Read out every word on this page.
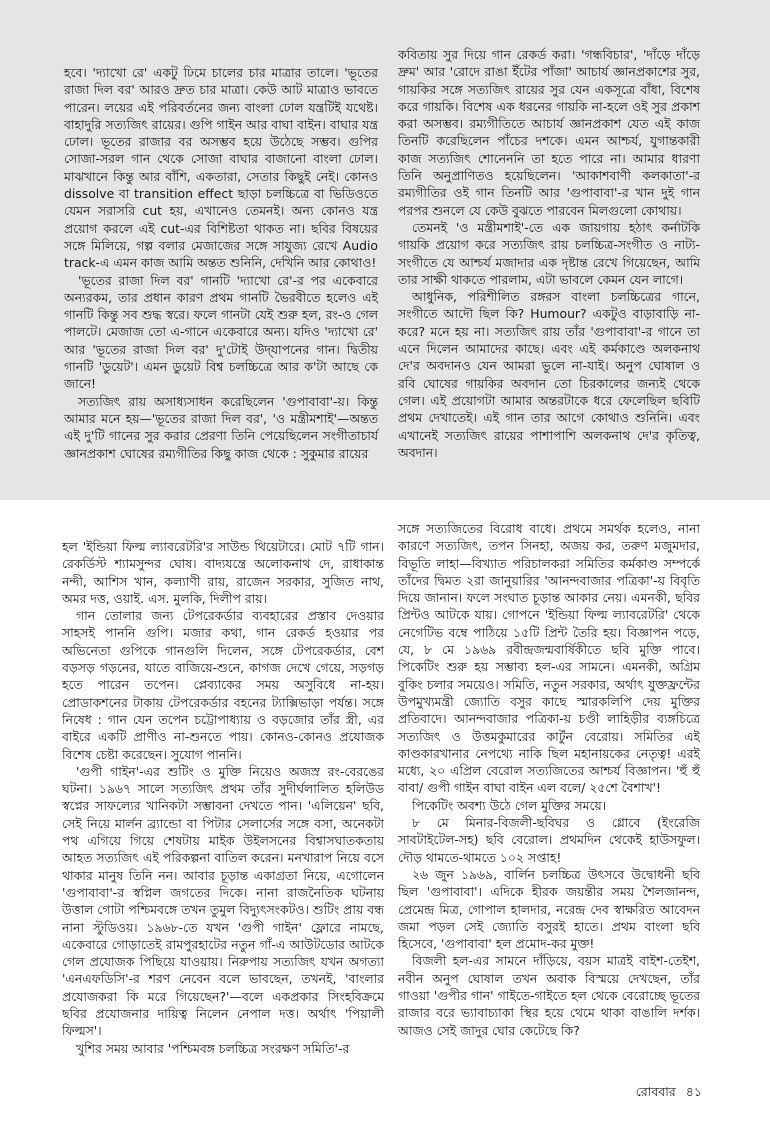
হবে। 'দ্যাখো রে' একটু ঢিমে চালের চার মাত্রার তালে। 'ভূতের রাজা দিল বর' আরও দ্রুত চার মাত্রা। কেউ আট মাত্রাও ভাবতে পারেন। লয়ের এই পরিবর্তনের জন্য বাংলা ঢোল যন্ত্রটিই যথেষ্ট। বাহাদুরি সত্যজিৎ রায়ের। গুপি গাইন আর বাঘা বাইন। বাঘার যন্ত্র ঢোল। ভূতের রাজার বর অসম্ভব হয়ে উঠেছে সম্ভব। গুপির সোজা-সরল গান থেকে সোজা বাঘার বাজানো বাংলা ঢোল। মাঝখানে কিন্তু আর বাঁশি, একতারা, সেতার কিছুই নেই। কোনও dissolve বা transition effect ছাড়া চলচ্চিত্রে বা ভিডিওতে যেমন সরাসরি cut হয়, এখানেও তেমনই। অন্য কোনও যন্ত্র প্রয়োগ করলে এই cut-এর বিশিষ্টতা থাকত না। ছবির বিষয়ের সঙ্গে মিলিয়ে, গল্প বলার মেজাজের সঙ্গে সাযুজ্য রেখে Audio track-এ এমন কাজ আমি অন্তত শুনিনি, দেখিনি আর কোথাও!

'ভূতের রাজা দিল বর' গানটি 'দ্যাখো রে'-র পর একেবারে অন্যরকম, তার প্রধান কারণ প্রথম গানটি ভৈরবীতে হলেও এই গানটি কিন্তু সব শুদ্ধ স্বরে। ফলে গানটা যেই শুরু হল, রং-ও গেল পালটে। মেজাজ তো এ-গানে একেবারে অন্য। যদিও 'দ্যাখো রে' আর 'ভূতের রাজা দিল বর' দু'টোই উদ্‌যাপনের গান। দ্বিতীয় গানটি 'ডুয়েট'। এমন ডুয়েট বিশ্ব চলচ্চিত্রে আর ক'টা আছে কে জানে!

সত্যজিৎ রায় অসাধ্যসাধন করেছিলেন 'গুপাবাবা'-য়। কিন্তু আমার মনে হয়—'ভূতের রাজা দিল বর', 'ও মন্ত্রীমশাই'—অন্তত এই দু'টি গানের সুর করার প্রেরণা তিনি পেয়েছিলেন সংগীতাচার্য জ্ঞানপ্রকাশ ঘোষের রম্যগীতির কিছু কাজ থেকে : সুকুমার রায়ের

কবিতায় সুর দিয়ে গান রেকর্ড করা। 'গন্ধবিচার', 'দাঁড়ে দাঁড়ে দ্রুম' আর 'রোদে রাঙা ইঁটের পাঁজা' আচার্য জ্ঞানপ্রকাশের সুর, গায়কির সঙ্গে সত্যজিৎ রায়ের সুর যেন একসূত্রে বাঁধা, বিশেষ করে গায়কি। বিশেষ এক ধরনের গায়কি না-হলে ওই সুর প্রকাশ করা অসম্ভব। রম্যগীতিতে আচার্য জ্ঞানপ্রকাশ যেত এই কাজ তিনটি করেছিলেন পাঁচের দশকে। এমন আশ্চর্য, যুগান্তকারী কাজ সত্যজিৎ শোনেননি তা হতে পারে না। আমার ধারণা তিনি অনুপ্রাণিতও হয়েছিলেন। 'আকাশবাণী কলকাতা'-র রম্যগীতির ওই গান তিনটি আর 'গুপাবাবা'-র খান দুই গান পরপর শুনলে যে কেউ বুঝতে পারবেন মিলগুলো কোথায়।

তেমনই 'ও মন্ত্রীমশাই'-তে এক জায়গায় হঠাৎ কর্নাটকি গায়কি প্রয়োগ করে সত্যজিৎ রায় চলচ্চিত্র-সংগীত ও নাট্য-সংগীতে যে আশ্চর্য মজাদার এক দৃষ্টান্ত রেখে গিয়েছেন, আমি তার সাক্ষী থাকতে পারলাম, এটা ভাবলে কেমন যেন লাগে।

আধুনিক, পরিশীলিত রঙ্গরস বাংলা চলচ্চিত্রের গানে, সংগীতে আদৌ ছিল কি? Humour? একটুও বাড়াবাড়ি না-করে? মনে হয় না। সত্যজিৎ রায় তাঁর 'গুপাবাবা'-র গানে তা এনে দিলেন আমাদের কাছে। এবং এই কর্মকাণ্ডে অলকনাথ দে'র অবদানও যেন আমরা ভুলে না-যাই। অনুপ ঘোষাল ও রবি ঘোষের গায়কির অবদান তো চিরকালের জন্যই থেকে গেল। এই প্রয়োগটা আমার অন্তরটাকে ধরে ফেলেছিল ছবিটি প্রথম দেখাতেই। এই গান তার আগে কোথাও শুনিনি। এবং এখানেই সত্যজিৎ রায়ের পাশাপাশি অলকনাথ দে'র কৃতিত্ব, অবদান।

হল 'ইন্ডিয়া ফিল্ম ল্যাবরেটরি'র সাউন্ড থিয়েটারে। মোট ৭টি গান। রেকর্ডিস্ট শ্যামসুন্দর ঘোষ। বাদ্যযন্ত্রে অলোকনাথ দে, রাধাকান্ত নন্দী, আশিস খান, কল্যাণী রায়, রাজেন সরকার, সুজিত নাথ, অমর দত্ত, ওয়াই. এস. মুলকি, দিলীপ রায়।

গান তোলার জন্য টেপরেকর্ডার ব্যবহারের প্রস্তাব দেওয়ার সাহসই পাননি গুপি। মজার কথা, গান রেকর্ড হওয়ার পর অভিনেতা গুপিকে গানগুলি দিলেন, সঙ্গে টেপরেকর্ডার, বেশ বড়সড় গড়নের, যাতে বাজিয়ে-শুনে, কাগজ দেখে গেয়ে, সড়গড় হতে পারেন তপেন। প্লেব্যাকের সময় অসুবিধে না-হয়। প্রোডাকশনের টাকায় টেপরেকর্ডার বহনের ট্যাক্সিভাড়া পর্যন্ত। সঙ্গে নিষেধ : গান যেন তপেন চট্টোপাধ্যায় ও বড়জোর তাঁর স্ত্রী, এর বাইরে একটি প্রাণীও না-শুনতে পায়। কোনও-কোনও প্রযোজক বিশেষ চেষ্টা করেছেন। সুযোগ পাননি।

'গুপী গাইন'-এর শুটিং ও মুক্তি নিয়েও অজস্র রং-বেরঙের ঘটনা। ১৯৬৭ সালে সত্যজিৎ প্রথম তাঁর সুদীর্ঘলালিত হলিউড স্বপ্নের সাফল্যের খানিকটা সম্ভাবনা দেখতে পান। 'এলিয়েন' ছবি, সেই নিয়ে মার্লন ব্র্যান্ডো বা পিটার সেলার্সের সঙ্গে বসা, অনেকটা পথ এগিয়ে গিয়ে শেষটায় মাইক উইলসনের বিশ্বাসঘাতকতায় আহত সত্যজিৎ এই পরিকল্পনা বাতিল করেন। মনখারাপ নিয়ে বসে থাকার মানুষ তিনি নন। আবার চূড়ান্ত একাগ্রতা নিয়ে, এগোলেন 'গুপাবাবা'-র স্বপ্নিল জগতের দিকে। নানা রাজনৈতিক ঘটনায় উত্তাল গোটা পশ্চিমবঙ্গে তখন তুমুল বিদ্যুৎসংকটও। শুটিং প্রায় বন্ধ নানা স্টুডিওয়। ১৯৬৮-তে যখন 'গুপী গাইন' ফ্লোরে নামছে, একেবারে গোড়াতেই রামপুরহাটের নতুন গাঁ-এ আউটডোর আটকে গেল প্রযোজক পিছিয়ে যাওয়ায়। নিরুপায় সত্যজিৎ যখন অগত্যা 'এনএফডিসি'-র শরণ নেবেন বলে ভাবছেন, তখনই, 'বাংলার প্রযোজকরা কি মরে গিয়েছেন?'—বলে একপ্রকার সিংহবিক্রমে ছবির প্রযোজনার দায়িত্ব নিলেন নেপাল দত্ত। অর্থাৎ 'পিয়ালী ফিল্মস'।

খুশির সময় আবার 'পশ্চিমবঙ্গ চলচ্চিত্র সংরক্ষণ সমিতি'-র

সঙ্গে সত্যজিতের বিরোধ বাধে। প্রথমে সমর্থক হলেও, নানা কারণে সত্যজিৎ, তপন সিনহা, অজয় কর, তরুণ মজুমদার, বিভূতি লাহা—বিখ্যাত পরিচালকরা সমিতির কর্মকাণ্ড সম্পর্কে তাঁদের দ্বিমত ২রা জানুয়ারির 'আনন্দবাজার পত্রিকা'-য় বিবৃতি দিয়ে জানান। ফলে সংঘাত চূড়ান্ত আকার নেয়। এমনকী, ছবির প্রিন্টও আটকে যায়। গোপনে 'ইন্ডিয়া ফিল্ম ল্যাবরেটরি' থেকে নেগেটিভ বম্বে পাঠিয়ে ১৫টি প্রিন্ট তৈরি হয়। বিজ্ঞাপন পড়ে, যে, ৮ মে ১৯৬৯ রবীন্দ্রজন্মবার্ষিকীতে ছবি মুক্তি পাবে। পিকেটিং শুরু হয় সম্ভাব্য হল-এর সামনে। এমনকী, অগ্রিম বুকিং চলার সময়েও। সমিতি, নতুন সরকার, অর্থাৎ যুক্তফ্রন্টের উপমুখ্যমন্ত্রী জ্যোতি বসুর কাছে স্মারকলিপি দেয় মুক্তির প্রতিবাদে। আনন্দবাজার পত্রিকা-য় চণ্ডী লাহিড়ীর ব্যঙ্গচিত্রে সত্যজিৎ ও উত্তমকুমারের কার্টুন বেরোয়। সমিতির এই কাণ্ডকারখানার নেপথ্যে নাকি ছিল মহানায়কের নেতৃত্ব! এরই মধ্যে, ২০ এপ্রিল বেরোল সত্যজিতের আশ্চর্য বিজ্ঞাপন। 'হুঁ হুঁ বাবা/ গুপী গাইন বাঘা বাইন এল বলে/ ২৫শে বৈশাখ'!

পিকেটিং অবশ্য উঠে গেল মুক্তির সময়ে।

৮ মে মিনার-বিজলী-ছবিঘর ও গ্লোবে (ইংরেজি সাবটাইটেল-সহ) ছবি বেরোল। প্রথমদিন থেকেই হাউসফুল। দৌড় থামতে-থামতে ১০২ সপ্তাহ!

২৬ জুন ১৯৬৯, বার্লিন চলচ্চিত্র উৎসবে উদ্বোধনী ছবি ছিল 'গুপাবাবা'। এদিকে হীরক জয়ন্তীর সময় শৈলজানন্দ, প্রেমেন্দ্র মিত্র, গোপাল হালদার, নরেন্দ্র দেব স্বাক্ষরিত আবেদন জমা পড়ল সেই জ্যোতি বসুরই হাতে। প্রথম বাংলা ছবি হিসেবে, 'গুপাবাবা' হল প্রমোদ-কর মুক্ত!

বিজলী হল-এর সামনে দাঁড়িয়ে, বয়স মাত্রই বাইশ-তেইশ, নবীন অনুপ ঘোষাল তখন অবাক বিস্ময়ে দেখছেন, তাঁর গাওয়া 'গুপীর গান' গাইতে-গাইতে হল থেকে বেরোচ্ছে ভূতের রাজার বরে ভ্যাবাচ্যাকা স্থির হয়ে থেমে থাকা বাঙালি দর্শক। আজও সেই জাদুর ঘোর কেটেছে কি?

রোববার ৪১
